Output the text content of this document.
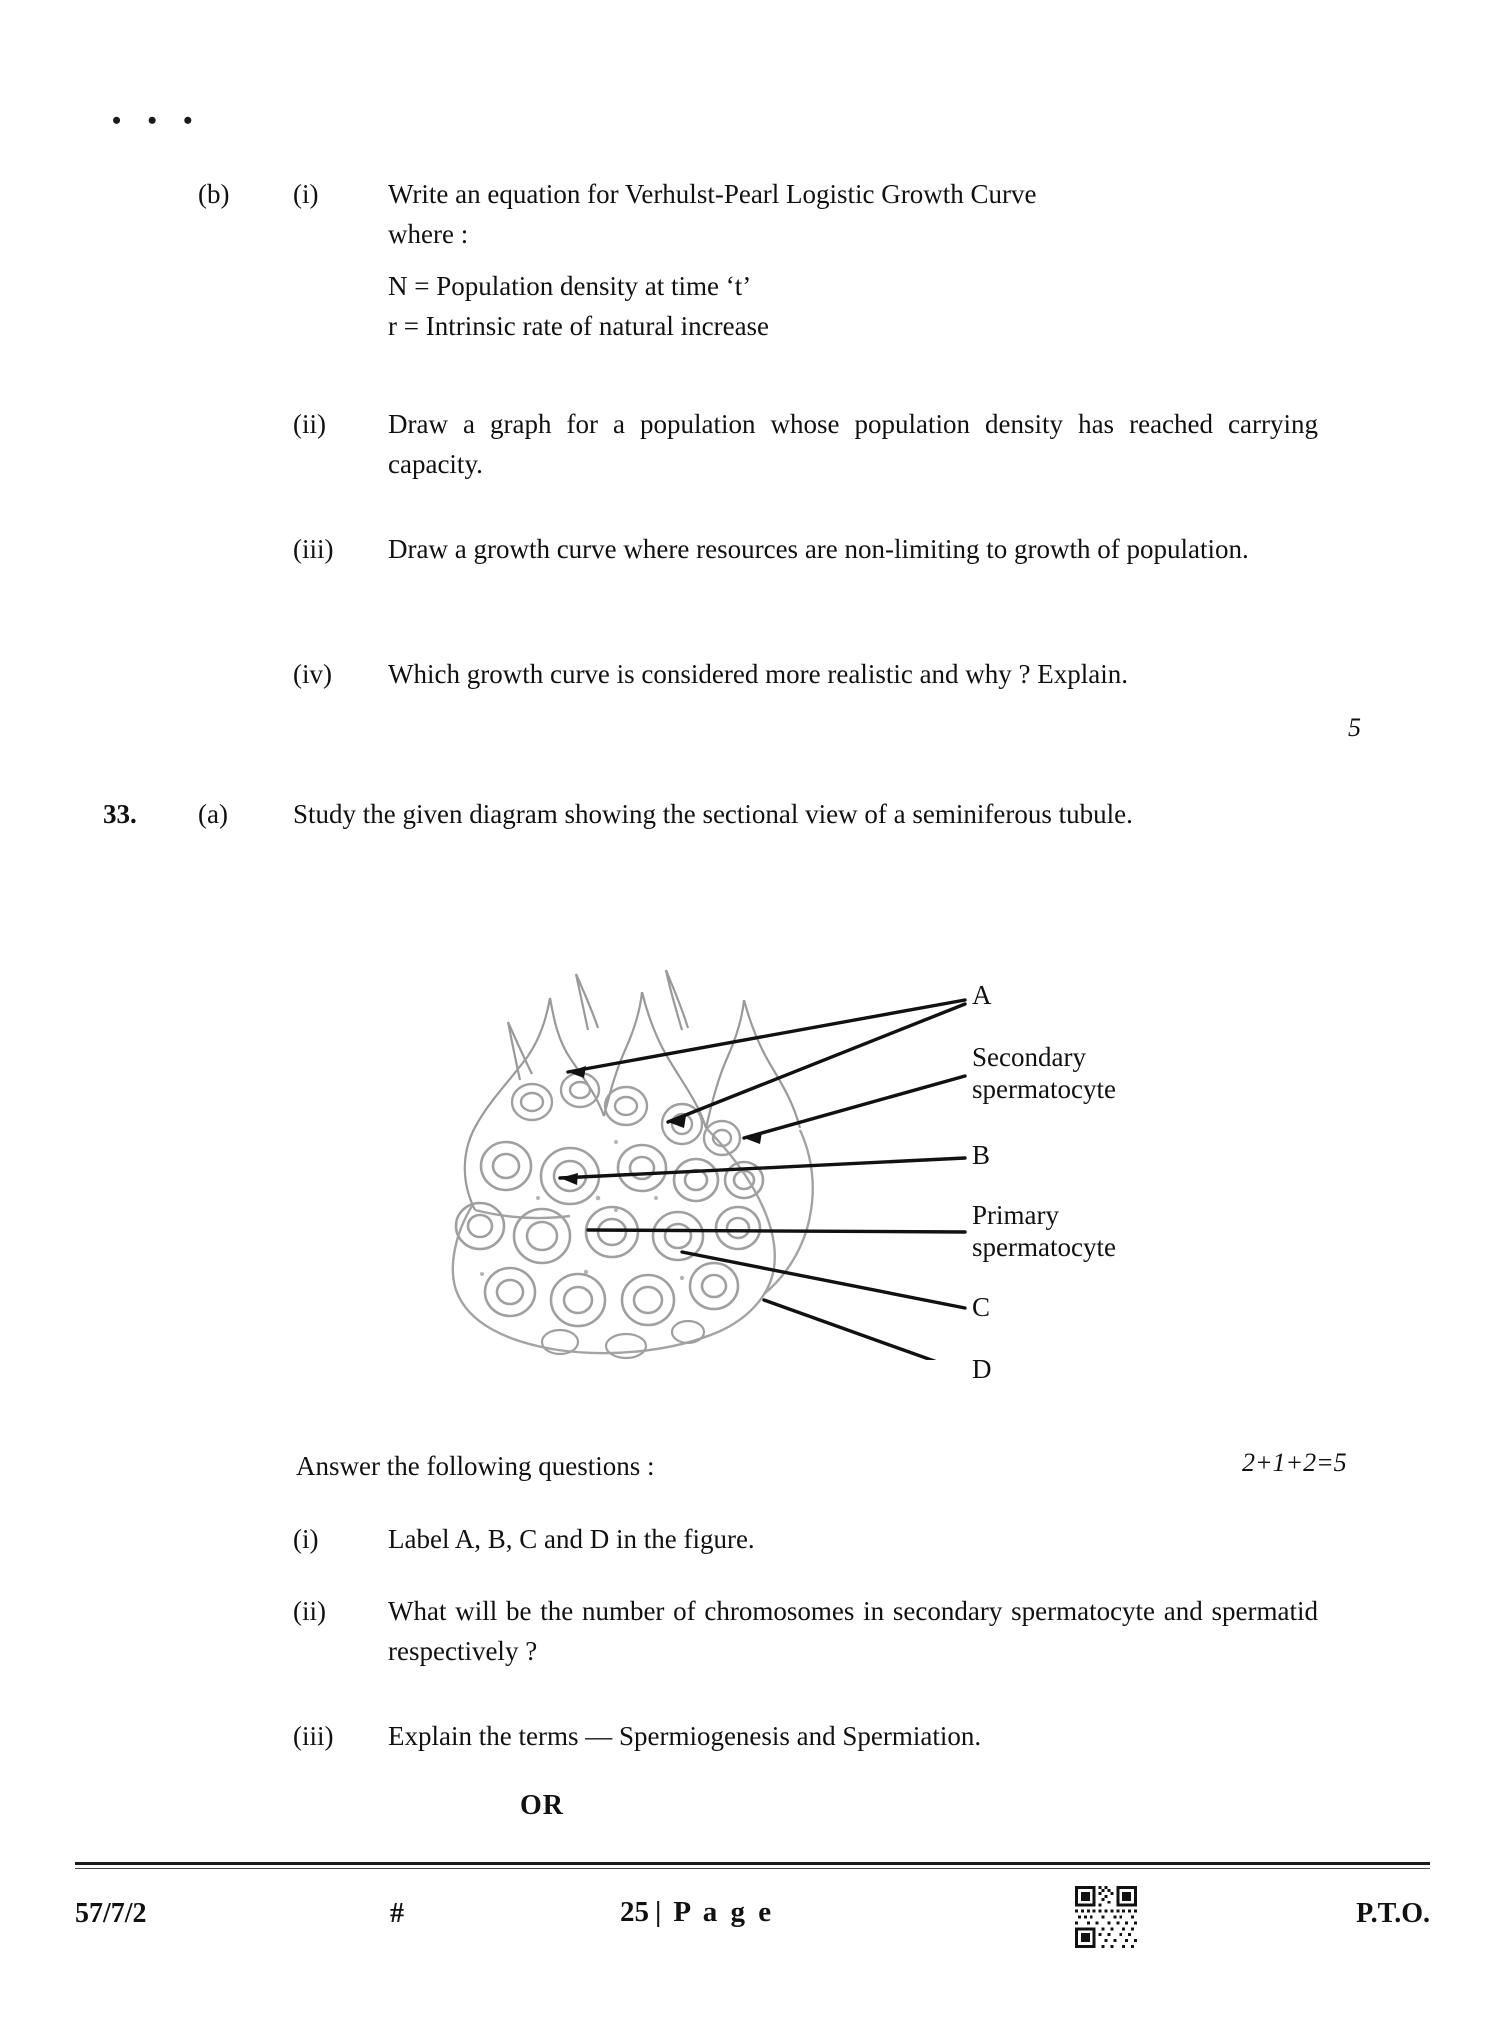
• • •
(b)	(i)	Write an equation for Verhulst-Pearl Logistic Growth Curve
where :
N = Population density at time ‘t’
r = Intrinsic rate of natural increase
(ii)	Draw a graph for a population whose population density has reached carrying capacity.
(iii)	Draw a growth curve where resources are non-limiting to growth of population.
(iv)	Which growth curve is considered more realistic and why ? Explain.
5
33.	(a)	Study the given diagram showing the sectional view of a seminiferous tubule.
A
Secondary
spermatocyte
B
Primary
spermatocyte
C
D
Answer the following questions :	2+1+2=5
(i)	Label A, B, C and D in the figure.
(ii)	What will be the number of chromosomes in secondary spermatocyte and spermatid respectively ?
(iii)	Explain the terms — Spermiogenesis and Spermiation.
OR
57/7/2	#	25 | P a g e	P.T.O.
